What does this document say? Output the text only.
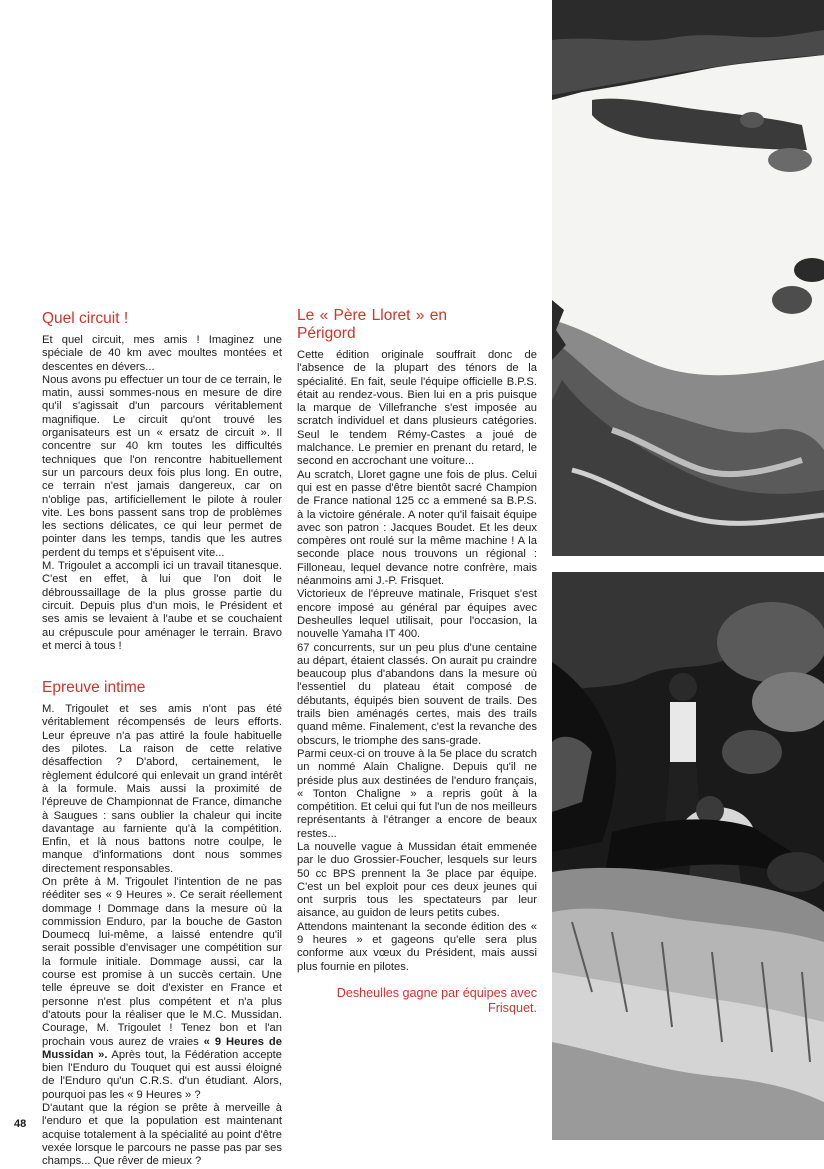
Quel circuit !

Et quel circuit, mes amis ! Imaginez une spéciale de 40 km avec moultes montées et descentes en dévers...

Nous avons pu effectuer un tour de ce terrain, le matin, aussi sommes-nous en mesure de dire qu'il s'agissait d'un parcours véritablement magnifique. Le circuit qu'ont trouvé les organisateurs est un « ersatz de circuit ». Il concentre sur 40 km toutes les difficultés techniques que l'on rencontre habituellement sur un parcours deux fois plus long. En outre, ce terrain n'est jamais dangereux, car on n'oblige pas, artificiellement le pilote à rouler vite. Les bons passent sans trop de problèmes les sections délicates, ce qui leur permet de pointer dans les temps, tandis que les autres perdent du temps et s'épuisent vite...

M. Trigoulet a accompli ici un travail titanesque. C'est en effet, à lui que l'on doit le débroussaillage de la plus grosse partie du circuit. Depuis plus d'un mois, le Président et ses amis se levaient à l'aube et se couchaient au crépuscule pour aménager le terrain. Bravo et merci à tous !

Epreuve intime

M. Trigoulet et ses amis n'ont pas été véritablement récompensés de leurs efforts. Leur épreuve n'a pas attiré la foule habituelle des pilotes. La raison de cette relative désaffection ? D'abord, certainement, le règlement édulcoré qui enlevait un grand intérêt à la formule. Mais aussi la proximité de l'épreuve de Championnat de France, dimanche à Saugues : sans oublier la chaleur qui incite davantage au farniente qu'à la compétition. Enfin, et là nous battons notre coulpe, le manque d'informations dont nous sommes directement responsables.

On prête à M. Trigoulet l'intention de ne pas rééditer ses « 9 Heures ». Ce serait réellement dommage ! Dommage dans la mesure où la commission Enduro, par la bouche de Gaston Doumecq lui-même, a laissé entendre qu'il serait possible d'envisager une compétition sur la formule initiale. Dommage aussi, car la course est promise à un succès certain. Une telle épreuve se doit d'exister en France et personne n'est plus compétent et n'a plus d'atouts pour la réaliser que le M.C. Mussidan. Courage, M. Trigoulet ! Tenez bon et l'an prochain vous aurez de vraies « 9 Heures de Mussidan ». Après tout, la Fédération accepte bien l'Enduro du Touquet qui est aussi éloigné de l'Enduro qu'un C.R.S. d'un étudiant. Alors, pourquoi pas les « 9 Heures » ?

D'autant que la région se prête à merveille à l'enduro et que la population est maintenant acquise totalement à la spécialité au point d'être vexée lorsque le parcours ne passe pas par ses champs... Que rêver de mieux ?

Le « Père Lloret » en Périgord

Cette édition originale souffrait donc de l'absence de la plupart des ténors de la spécialité. En fait, seule l'équipe officielle B.P.S. était au rendez-vous. Bien lui en a pris puisque la marque de Villefranche s'est imposée au scratch individuel et dans plusieurs catégories. Seul le tendem Rémy-Castes a joué de malchance. Le premier en prenant du retard, le second en accrochant une voiture...

Au scratch, Lloret gagne une fois de plus. Celui qui est en passe d'être bientôt sacré Champion de France national 125 cc a emmené sa B.P.S. à la victoire générale. A noter qu'il faisait équipe avec son patron : Jacques Boudet. Et les deux compères ont roulé sur la même machine ! A la seconde place nous trouvons un régional : Filloneau, lequel devance notre confrère, mais néanmoins ami J.-P. Frisquet.

Victorieux de l'épreuve matinale, Frisquet s'est encore imposé au général par équipes avec Desheulles lequel utilisait, pour l'occasion, la nouvelle Yamaha IT 400.

67 concurrents, sur un peu plus d'une centaine au départ, étaient classés. On aurait pu craindre beaucoup plus d'abandons dans la mesure où l'essentiel du plateau était composé de débutants, équipés bien souvent de trails. Des trails bien aménagés certes, mais des trails quand même. Finalement, c'est la revanche des obscurs, le triomphe des sans-grade.

Parmi ceux-ci on trouve à la 5e place du scratch un nommé Alain Chaligne. Depuis qu'il ne préside plus aux destinées de l'enduro français, « Tonton Chaligne » a repris goût à la compétition. Et celui qui fut l'un de nos meilleurs représentants à l'étranger a encore de beaux restes...

La nouvelle vague à Mussidan était emmenée par le duo Grossier-Foucher, lesquels sur leurs 50 cc BPS prennent la 3e place par équipe. C'est un bel exploit pour ces deux jeunes qui ont surpris tous les spectateurs par leur aisance, au guidon de leurs petits cubes.

Attendons maintenant la seconde édition des « 9 heures » et gageons qu'elle sera plus conforme aux vœux du Président, mais aussi plus fournie en pilotes.

Desheulles gagne par équipes avec Frisquet.
48
